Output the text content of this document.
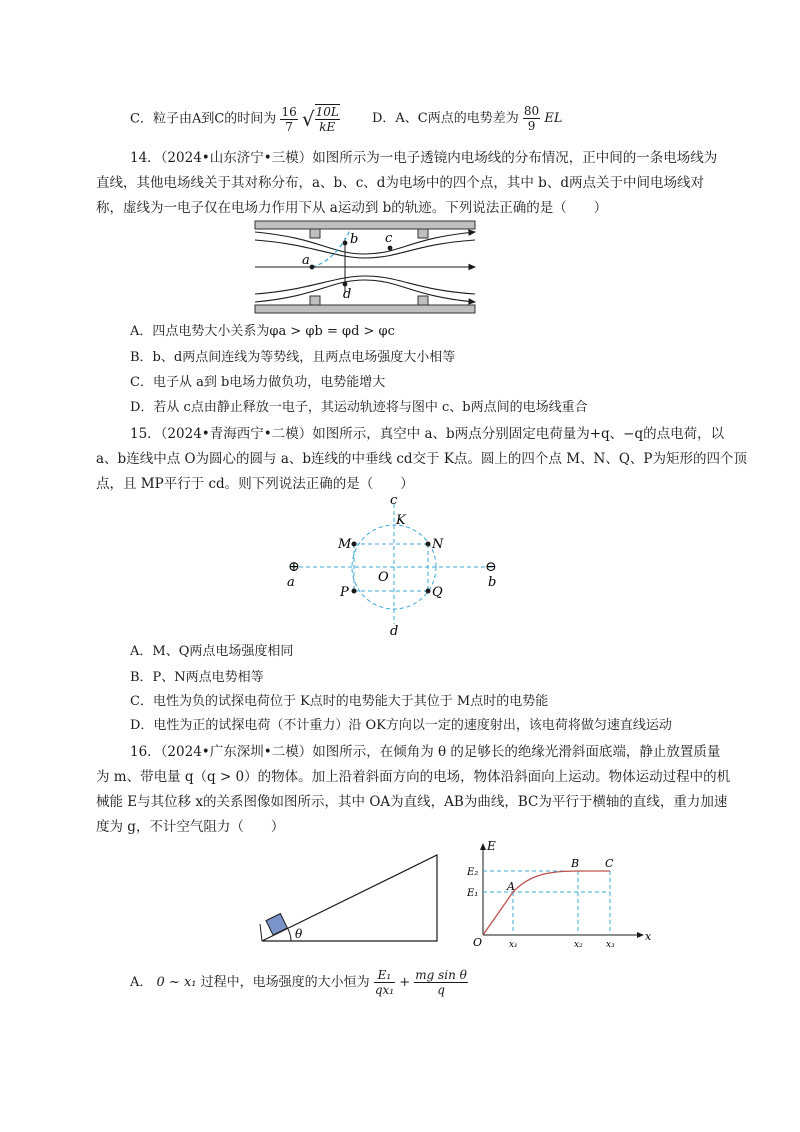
C．粒子由A到C的时间为 $\frac{16}{7}$ √ $\frac{10L}{kE}$ D．A、C两点的电势差为 $\frac{80}{9}$ EL
14．（2024•山东济宁•三模）如图所示为一电子透镜内电场线的分布情况，正中间的一条电场线为
直线，其他电场线关于其对称分布，a、b、c、d为电场中的四个点，其中 b、d两点关于中间电场线对
称，虚线为一电子仅在电场力作用下从 a运动到 b的轨迹。下列说法正确的是（　　）
a
b c
d
A．四点电势大小关系为φa > φb = φd > φc
B．b、d两点间连线为等势线，且两点电场强度大小相等
C．电子从 a到 b电场力做负功，电势能增大
D．若从 c点由静止释放一电子，其运动轨迹将与图中 c、b两点间的电场线重合
15．（2024•青海西宁•二模）如图所示，真空中 a、b两点分别固定电荷量为+q、−q的点电荷，以
a、b连线中点 O为圆心的圆与 a、b连线的中垂线 cd交于 K点。圆上的四个点 M、N、Q、P为矩形的四个顶
点，且 MP平行于 cd。则下列说法正确的是（　　）
⊕	⊖
a	b
c
d
K
M	N
O
P	Q
A．M、Q两点电场强度相同
B．P、N两点电势相等
C．电性为负的试探电荷位于 K点时的电势能大于其位于 M点时的电势能
D．电性为正的试探电荷（不计重力）沿 OK方向以一定的速度射出，该电荷将做匀速直线运动
16．（2024•广东深圳•二模）如图所示，在倾角为 θ 的足够长的绝缘光滑斜面底端，静止放置质量
为 m、带电量 q（q > 0）的物体。加上沿着斜面方向的电场，物体沿斜面向上运动。物体运动过程中的机
械能 E与其位移 x的关系图像如图所示，其中 OA为直线，AB为曲线，BC为平行于横轴的直线，重力加速
度为 g，不计空气阻力（　　）
θ
E
E₂
E₁
O
A
B C
x
x₁	x₂	x₃
A． 0 ~ x₁ 过程中，电场强度的大小恒为 $\frac{\text{E₁}}{\text{qx₁}} + \frac{\text{mg sin θ}}{q}$
